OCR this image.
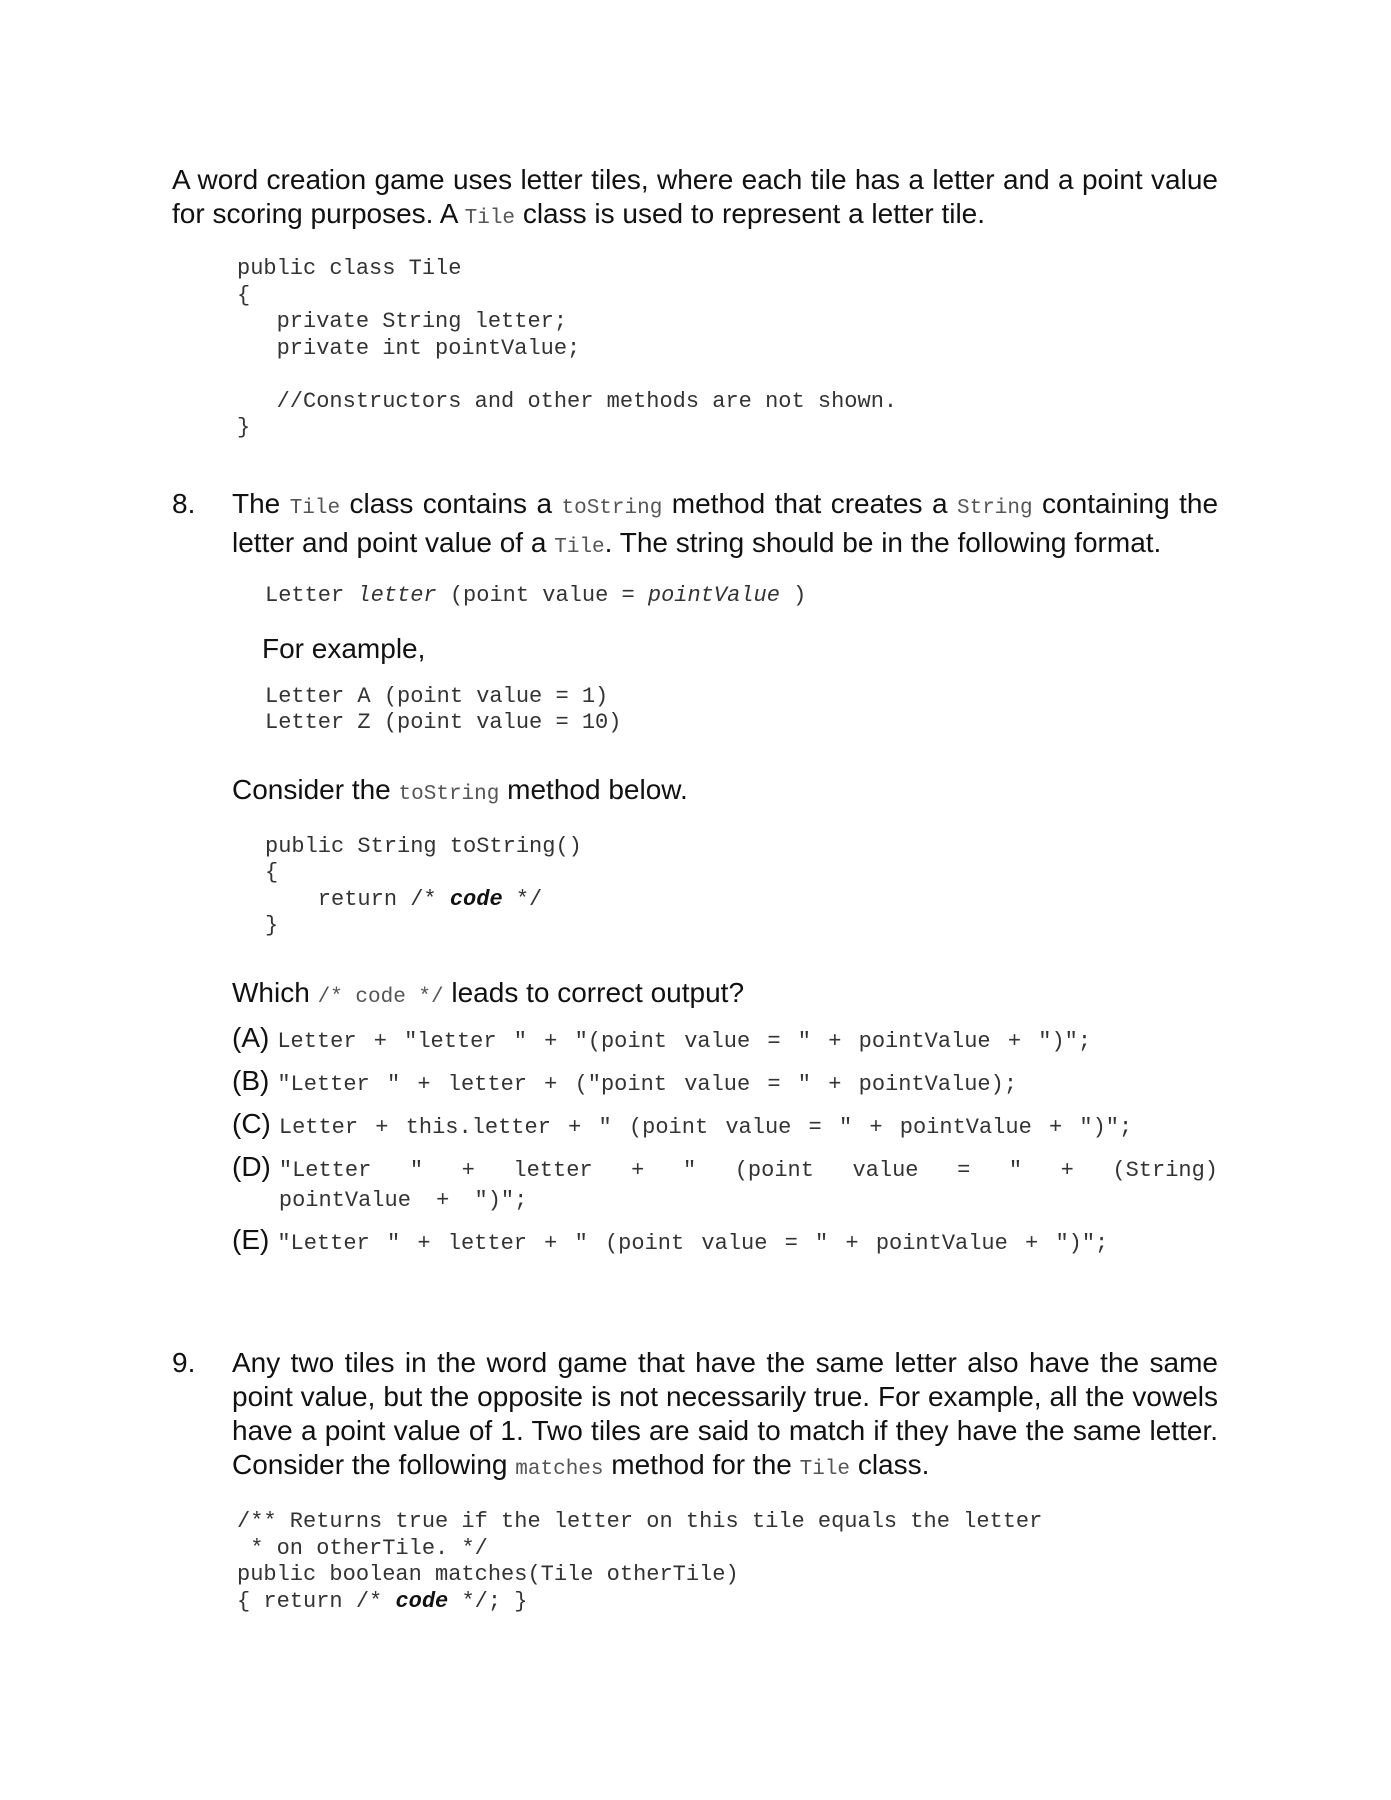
A word creation game uses letter tiles, where each tile has a letter and a point value for scoring purposes. A Tile class is used to represent a letter tile.
public class Tile
{
private String letter;
private int pointValue;

//Constructors and other methods are not shown.
}
8. The Tile class contains a toString method that creates a String containing the letter and point value of a Tile. The string should be in the following format.
Letter letter (point value = pointValue )
For example,
Letter A (point value = 1)
Letter Z (point value = 10)
Consider the toString method below.
public String toString()
{
return /* code */
}
Which /* code */ leads to correct output?
(A) Letter + "letter " + "(point value = " + pointValue + ")";
(B) "Letter " + letter + ("point value = " + pointValue);
(C) Letter + this.letter + " (point value = " + pointValue + ")";
(D) "Letter " + letter + " (point value = " + (String) pointValue + ")";
(E) "Letter " + letter + " (point value = " + pointValue + ")";
9. Any two tiles in the word game that have the same letter also have the same point value, but the opposite is not necessarily true. For example, all the vowels have a point value of 1. Two tiles are said to match if they have the same letter. Consider the following matches method for the Tile class.
/** Returns true if the letter on this tile equals the letter
* on otherTile. */
public boolean matches(Tile otherTile)
{ return /* code */; }
